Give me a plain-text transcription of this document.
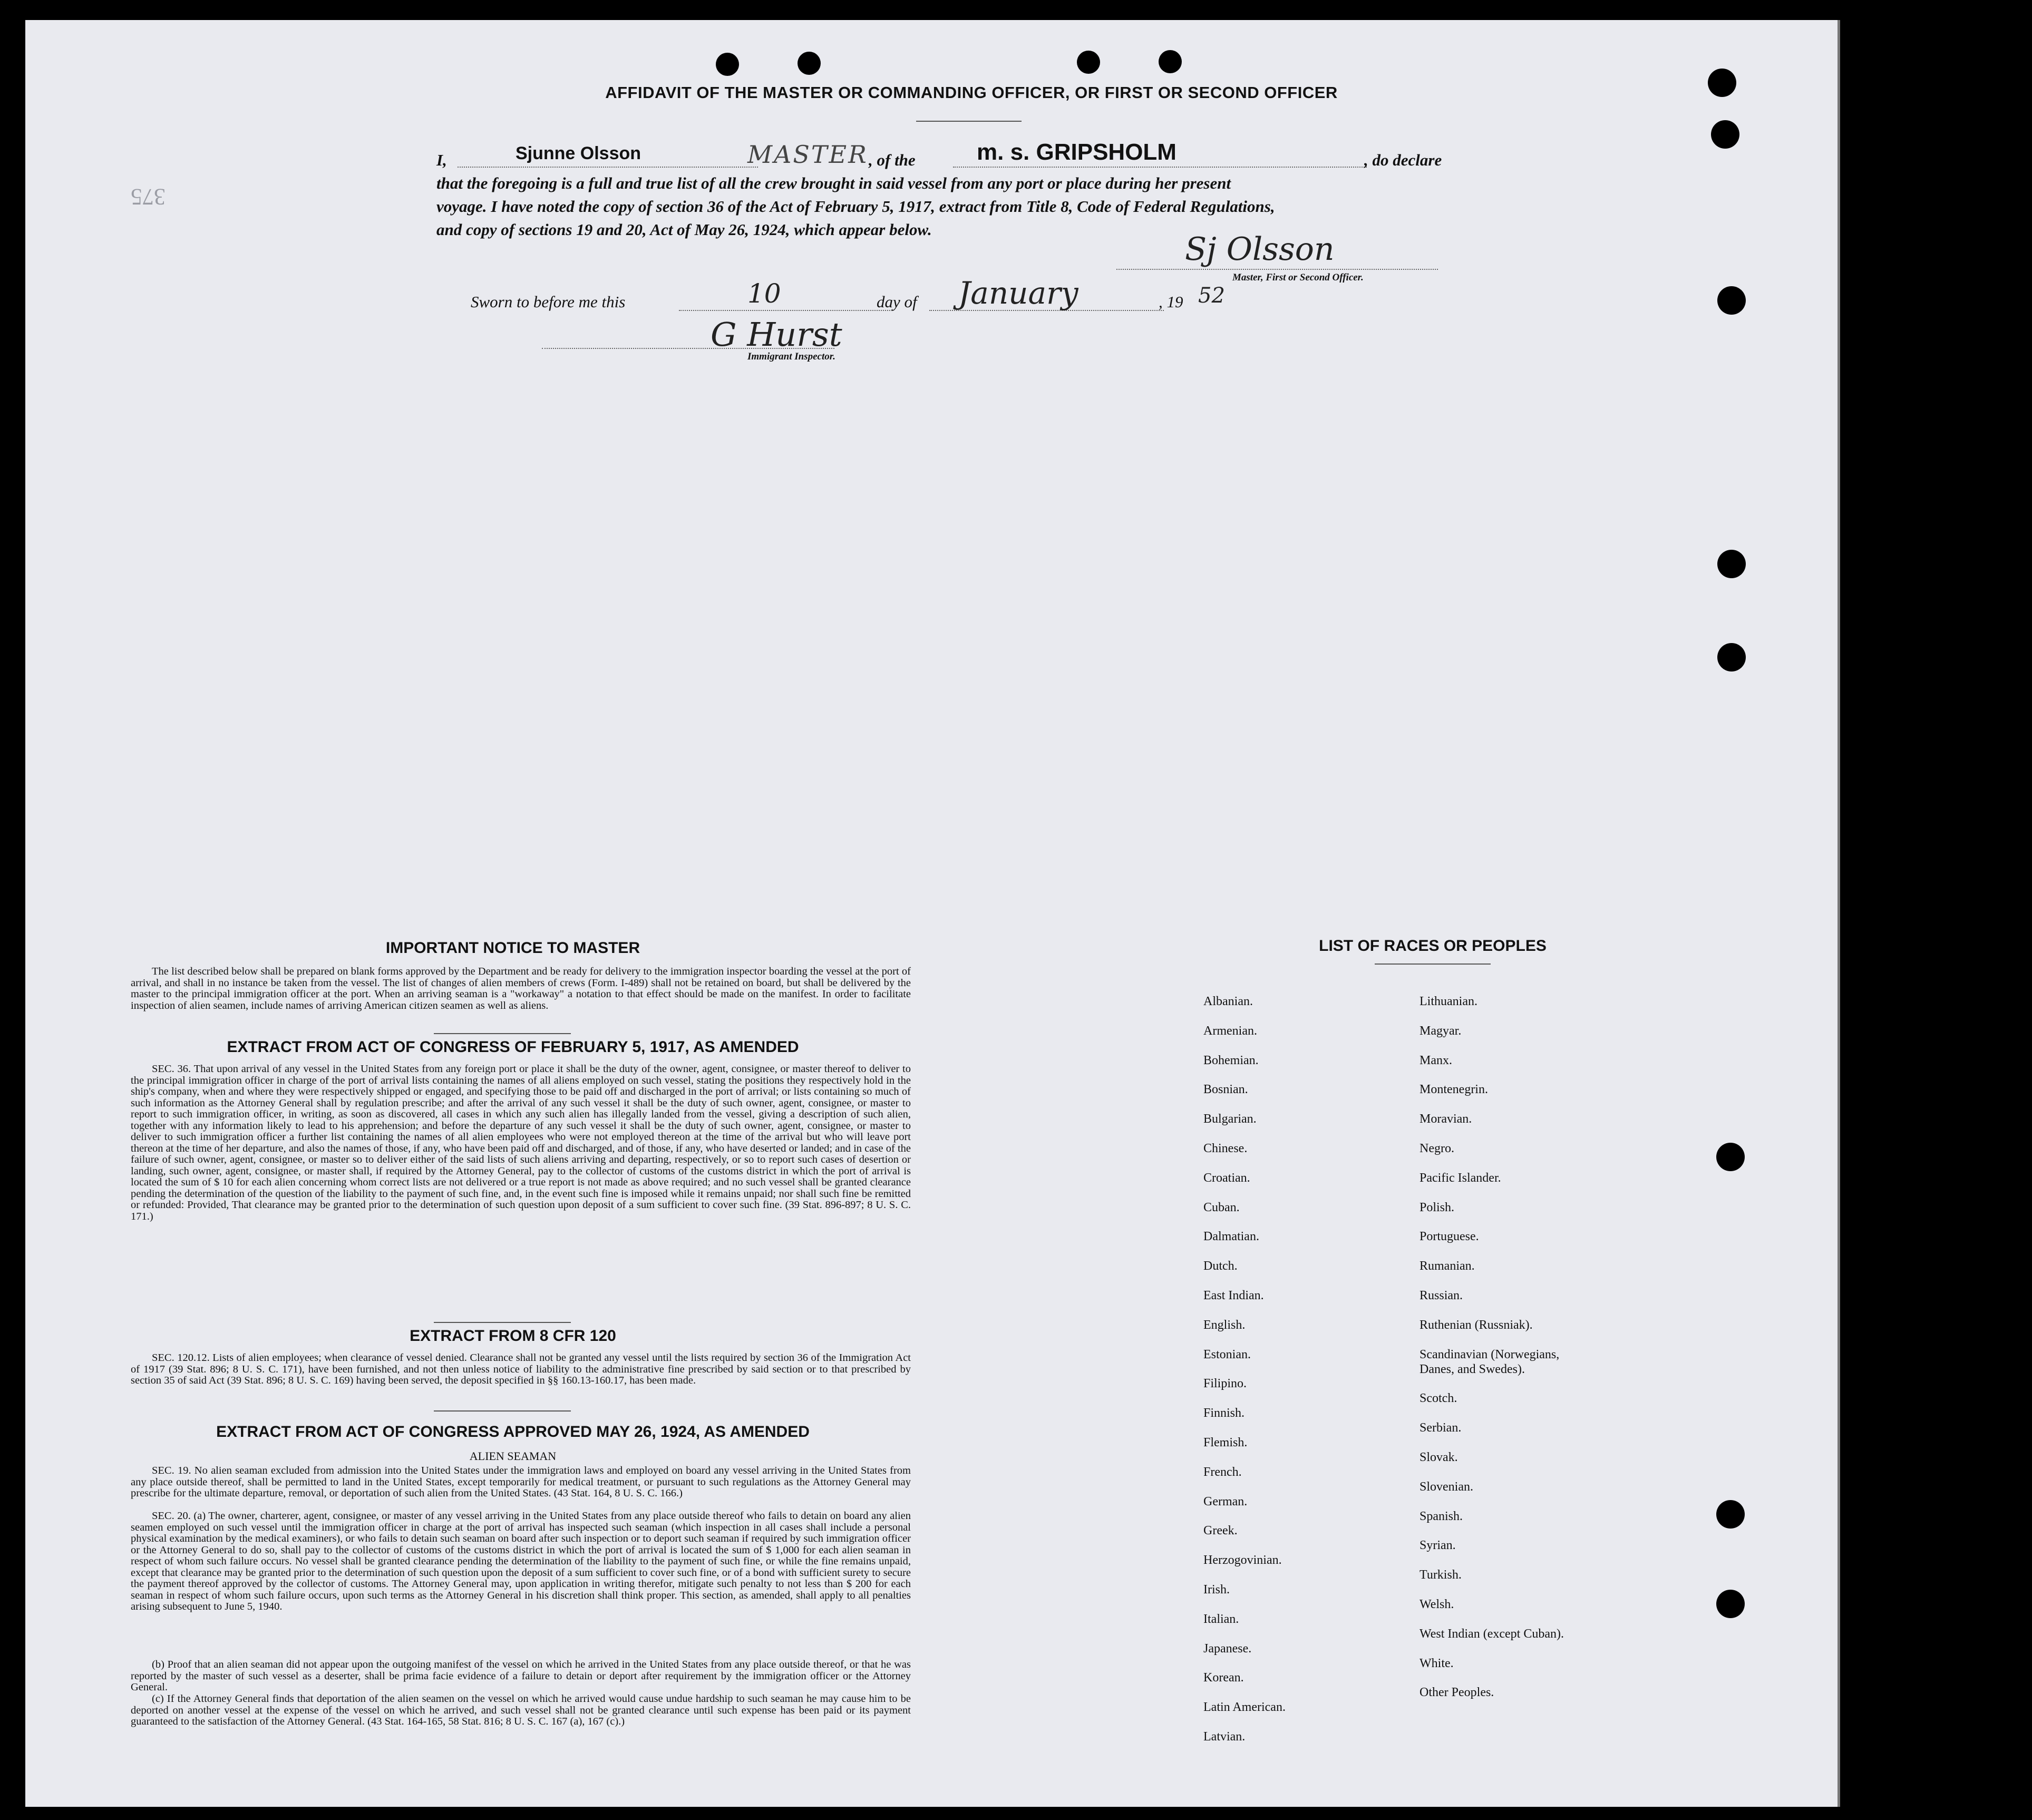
375
AFFIDAVIT OF THE MASTER OR COMMANDING OFFICER, OR FIRST OR SECOND OFFICER
I,	Sjunne Olsson	MASTER , of the	m. s. GRIPSHOLM	, do declare
that the foregoing is a full and true list of all the crew brought in said vessel from any port or place during her present
voyage. I have noted the copy of section 36 of the Act of February 5, 1917, extract from Title 8, Code of Federal Regulations,
and copy of sections 19 and 20, Act of May 26, 1924, which appear below.
Sj Olsson
Master, First or Second Officer.
Sworn to before me this	10	day of	January	, 19 52
G Hurst
Immigrant Inspector.
IMPORTANT NOTICE TO MASTER
The list described below shall be prepared on blank forms approved by the Department and be ready for delivery to the immigration inspector boarding the vessel at the port of arrival, and shall in no instance be taken from the vessel. The list of changes of alien members of crews (Form. I-489) shall not be retained on board, but shall be delivered by the master to the principal immigration officer at the port. When an arriving seaman is a "workaway" a notation to that effect should be made on the manifest. In order to facilitate inspection of alien seamen, include names of arriving American citizen seamen as well as aliens.
EXTRACT FROM ACT OF CONGRESS OF FEBRUARY 5, 1917, AS AMENDED
SEC. 36. That upon arrival of any vessel in the United States from any foreign port or place it shall be the duty of the owner, agent, consignee, or master thereof to deliver to the principal immigration officer in charge of the port of arrival lists containing the names of all aliens employed on such vessel, stating the positions they respectively hold in the ship's company, when and where they were respectively shipped or engaged, and specifying those to be paid off and discharged in the port of arrival; or lists containing so much of such information as the Attorney General shall by regulation prescribe; and after the arrival of any such vessel it shall be the duty of such owner, agent, consignee, or master to report to such immigration officer, in writing, as soon as discovered, all cases in which any such alien has illegally landed from the vessel, giving a description of such alien, together with any information likely to lead to his apprehension; and before the departure of any such vessel it shall be the duty of such owner, agent, consignee, or master to deliver to such immigration officer a further list containing the names of all alien employees who were not employed thereon at the time of the arrival but who will leave port thereon at the time of her departure, and also the names of those, if any, who have been paid off and discharged, and of those, if any, who have deserted or landed; and in case of the failure of such owner, agent, consignee, or master so to deliver either of the said lists of such aliens arriving and departing, respectively, or so to report such cases of desertion or landing, such owner, agent, consignee, or master shall, if required by the Attorney General, pay to the collector of customs of the customs district in which the port of arrival is located the sum of $ 10 for each alien concerning whom correct lists are not delivered or a true report is not made as above required; and no such vessel shall be granted clearance pending the determination of the question of the liability to the payment of such fine, and, in the event such fine is imposed while it remains unpaid; nor shall such fine be remitted or refunded: Provided, That clearance may be granted prior to the determination of such question upon deposit of a sum sufficient to cover such fine. (39 Stat. 896-897; 8 U. S. C. 171.)
EXTRACT FROM 8 CFR 120
SEC. 120.12. Lists of alien employees; when clearance of vessel denied. Clearance shall not be granted any vessel until the lists required by section 36 of the Immigration Act of 1917 (39 Stat. 896; 8 U. S. C. 171), have been furnished, and not then unless notice of liability to the administrative fine prescribed by said section or to that prescribed by section 35 of said Act (39 Stat. 896; 8 U. S. C. 169) having been served, the deposit specified in §§ 160.13-160.17, has been made.
EXTRACT FROM ACT OF CONGRESS APPROVED MAY 26, 1924, AS AMENDED
ALIEN SEAMAN
SEC. 19. No alien seaman excluded from admission into the United States under the immigration laws and employed on board any vessel arriving in the United States from any place outside thereof, shall be permitted to land in the United States, except temporarily for medical treatment, or pursuant to such regulations as the Attorney General may prescribe for the ultimate departure, removal, or deportation of such alien from the United States. (43 Stat. 164, 8 U. S. C. 166.)
SEC. 20. (a) The owner, charterer, agent, consignee, or master of any vessel arriving in the United States from any place outside thereof who fails to detain on board any alien seamen employed on such vessel until the immigration officer in charge at the port of arrival has inspected such seaman (which inspection in all cases shall include a personal physical examination by the medical examiners), or who fails to detain such seaman on board after such inspection or to deport such seaman if required by such immigration officer or the Attorney General to do so, shall pay to the collector of customs of the customs district in which the port of arrival is located the sum of $ 1,000 for each alien seaman in respect of whom such failure occurs. No vessel shall be granted clearance pending the determination of the liability to the payment of such fine, or while the fine remains unpaid, except that clearance may be granted prior to the determination of such question upon the deposit of a sum sufficient to cover such fine, or of a bond with sufficient surety to secure the payment thereof approved by the collector of customs. The Attorney General may, upon application in writing therefor, mitigate such penalty to not less than $ 200 for each seaman in respect of whom such failure occurs, upon such terms as the Attorney General in his discretion shall think proper. This section, as amended, shall apply to all penalties arising subsequent to June 5, 1940.
(b) Proof that an alien seaman did not appear upon the outgoing manifest of the vessel on which he arrived in the United States from any place outside thereof, or that he was reported by the master of such vessel as a deserter, shall be prima facie evidence of a failure to detain or deport after requirement by the immigration officer or the Attorney General.
(c) If the Attorney General finds that deportation of the alien seamen on the vessel on which he arrived would cause undue hardship to such seaman he may cause him to be deported on another vessel at the expense of the vessel on which he arrived, and such vessel shall not be granted clearance until such expense has been paid or its payment guaranteed to the satisfaction of the Attorney General. (43 Stat. 164-165, 58 Stat. 816; 8 U. S. C. 167 (a), 167 (c).)
LIST OF RACES OR PEOPLES
Albanian.
Armenian.
Bohemian.
Bosnian.
Bulgarian.
Chinese.
Croatian.
Cuban.
Dalmatian.
Dutch.
East Indian.
English.
Estonian.
Filipino.
Finnish.
Flemish.
French.
German.
Greek.
Herzogovinian.
Irish.
Italian.
Japanese.
Korean.
Latin American.
Latvian.
Lithuanian.
Magyar.
Manx.
Montenegrin.
Moravian.
Negro.
Pacific Islander.
Polish.
Portuguese.
Rumanian.
Russian.
Ruthenian (Russniak).
Scandinavian (Norwegians,
Danes, and Swedes).
Scotch.
Serbian.
Slovak.
Slovenian.
Spanish.
Syrian.
Turkish.
Welsh.
West Indian (except Cuban).
White.
Other Peoples.
